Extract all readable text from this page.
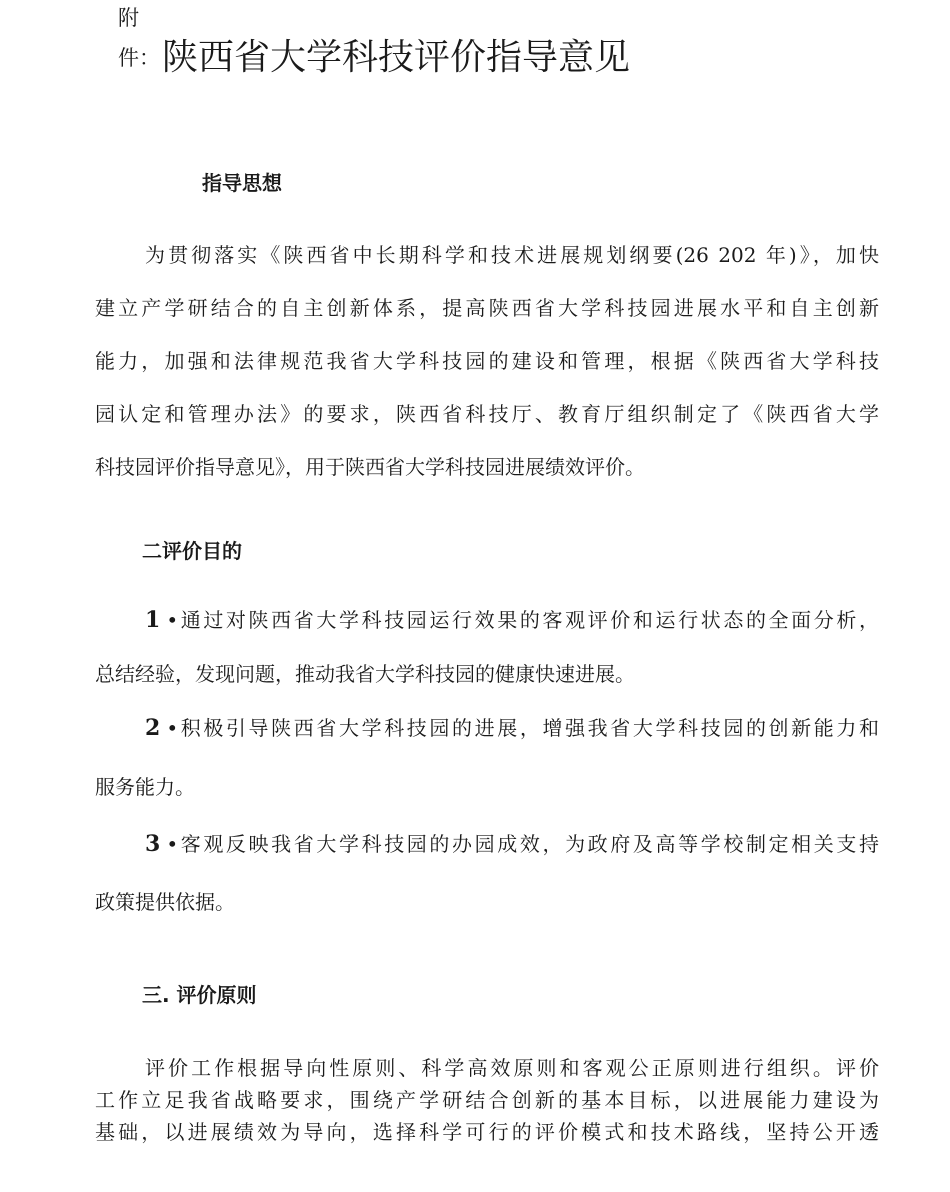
附
件：陕西省大学科技评价指导意见
指导思想
为贯彻落实《陕西省中长期科学和技术进展规划纲要(26 202 年)》，加快
建立产学研结合的自主创新体系，提高陕西省大学科技园进展水平和自主创新
能力，加强和法律规范我省大学科技园的建设和管理，根据《陕西省大学科技
园认定和管理办法》的要求，陕西省科技厅、教育厅组织制定了《陕西省大学
科技园评价指导意见》，用于陕西省大学科技园进展绩效评价。
二评价目的
1 •通过对陕西省大学科技园运行效果的客观评价和运行状态的全面分析，
总结经验，发现问题，推动我省大学科技园的健康快速进展。
2 •积极引导陕西省大学科技园的进展，增强我省大学科技园的创新能力和
服务能力。
3 •客观反映我省大学科技园的办园成效，为政府及高等学校制定相关支持
政策提供依据。
三. 评价原则
评价工作根据导向性原则、科学高效原则和客观公正原则进行组织。评价
工作立足我省战略要求，围绕产学研结合创新的基本目标，以进展能力建设为
基础，以进展绩效为导向，选择科学可行的评价模式和技术路线，坚持公开透
